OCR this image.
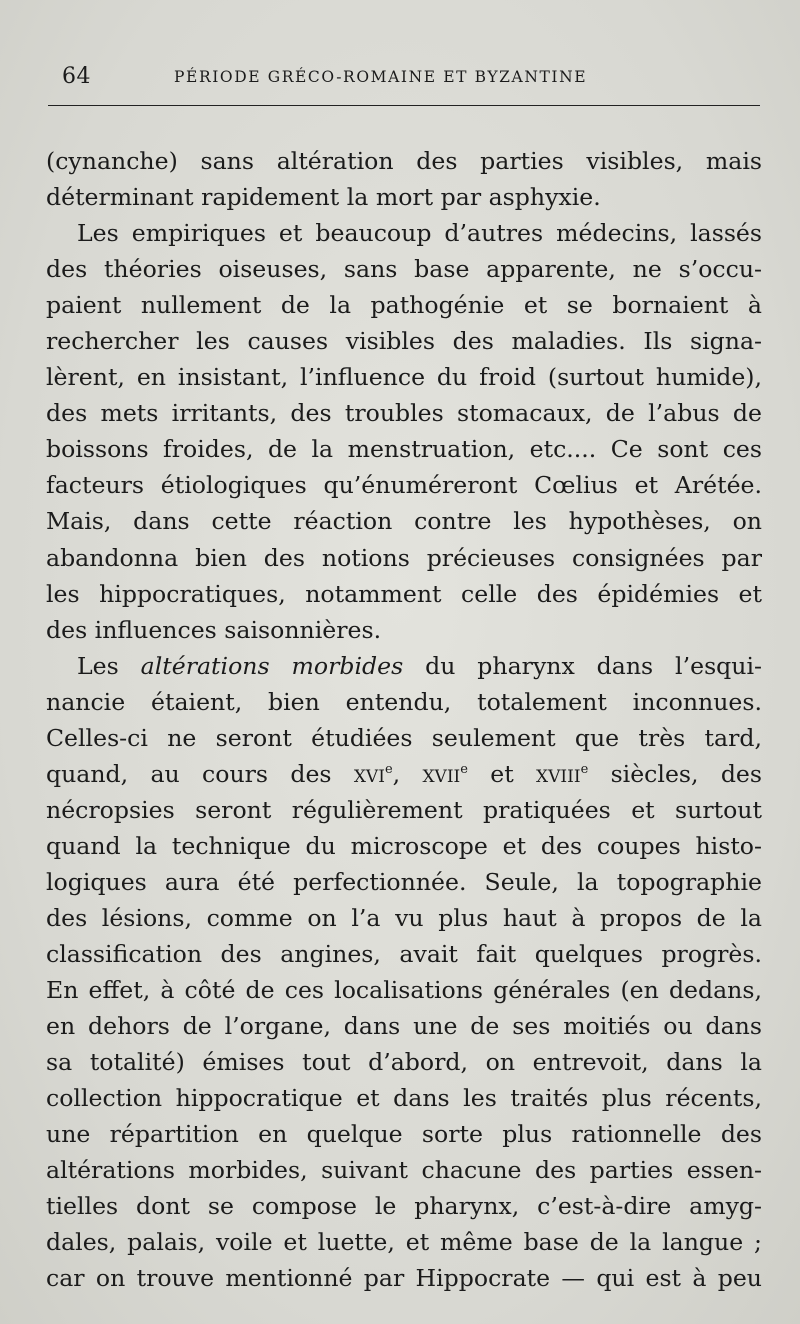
64	PÉRIODE GRÉCO-ROMAINE ET BYZANTINE
(cynanche) sans altération des parties visibles, mais
déterminant rapidement la mort par asphyxie.
Les empiriques et beaucoup d’autres médecins, lassés
des théories oiseuses, sans base apparente, ne s’occu-
paient nullement de la pathogénie et se bornaient à
rechercher les causes visibles des maladies. Ils signa-
lèrent, en insistant, l’influence du froid (surtout humide),
des mets irritants, des troubles stomacaux, de l’abus de
boissons froides, de la menstruation, etc.... Ce sont ces
facteurs étiologiques qu’énuméreront Cœlius et Arétée.
Mais, dans cette réaction contre les hypothèses, on
abandonna bien des notions précieuses consignées par
les hippocratiques, notamment celle des épidémies et
des influences saisonnières.
Les altérations morbides du pharynx dans l’esqui-
nancie étaient, bien entendu, totalement inconnues.
Celles-ci ne seront étudiées seulement que très tard,
quand, au cours des xvi$^e$, xvii$^e$ et xviii$^e$ siècles, des
nécropsies seront régulièrement pratiquées et surtout
quand la technique du microscope et des coupes histo-
logiques aura été perfectionnée. Seule, la topographie
des lésions, comme on l’a vu plus haut à propos de la
classification des angines, avait fait quelques progrès.
En effet, à côté de ces localisations générales (en dedans,
en dehors de l’organe, dans une de ses moitiés ou dans
sa totalité) émises tout d’abord, on entrevoit, dans la
collection hippocratique et dans les traités plus récents,
une répartition en quelque sorte plus rationnelle des
altérations morbides, suivant chacune des parties essen-
tielles dont se compose le pharynx, c’est-à-dire amyg-
dales, palais, voile et luette, et même base de la langue ;
car on trouve mentionné par Hippocrate — qui est à peu
